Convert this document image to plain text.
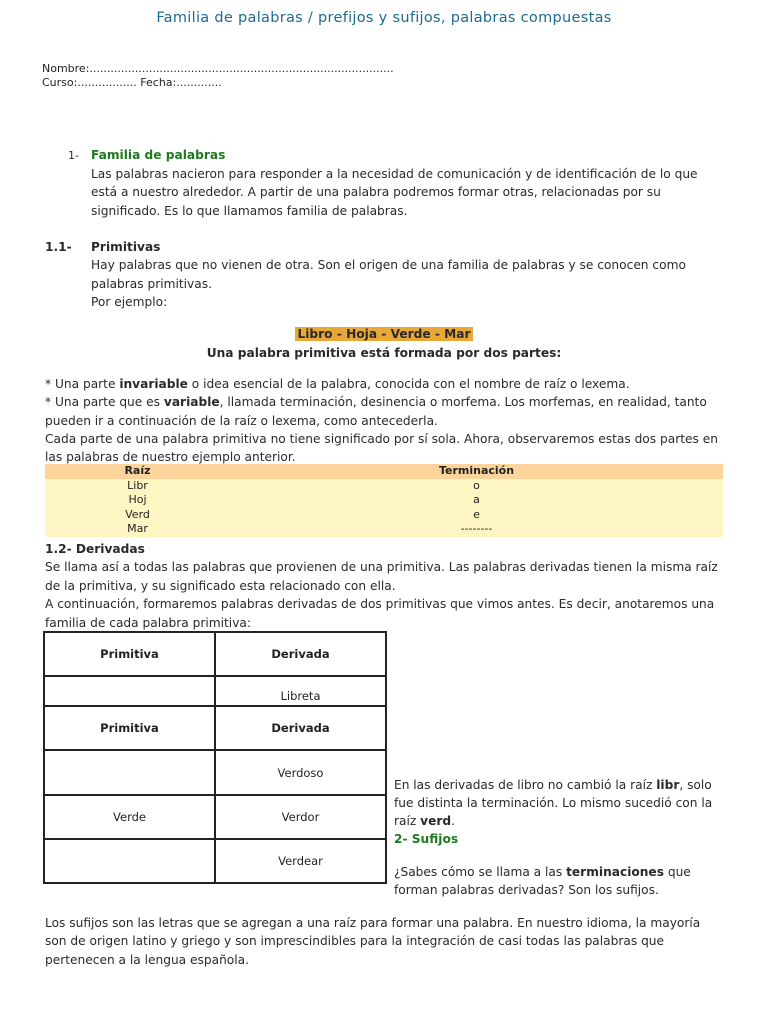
Familia de palabras / prefijos y sufijos, palabras compuestas
Nombre:.......................................................................................
Curso:................. Fecha:.............
1- Familia de palabras
Las palabras nacieron para responder a la necesidad de comunicación y de identificación de lo que
está a nuestro alrededor. A partir de una palabra podremos formar otras, relacionadas por su
significado. Es lo que llamamos familia de palabras.
1.1- Primitivas
Hay palabras que no vienen de otra. Son el origen de una familia de palabras y se conocen como
palabras primitivas.
Por ejemplo:
Libro - Hoja - Verde - Mar
Una palabra primitiva está formada por dos partes:
* Una parte invariable o idea esencial de la palabra, conocida con el nombre de raíz o lexema.
* Una parte que es variable, llamada terminación, desinencia o morfema. Los morfemas, en realidad, tanto
pueden ir a continuación de la raíz o lexema, como antecederla.
Cada parte de una palabra primitiva no tiene significado por sí sola. Ahora, observaremos estas dos partes en
las palabras de nuestro ejemplo anterior.
Raíz	Terminación
Libr	o
Hoj	a
Verd	e
Mar	--------
1.2- Derivadas
Se llama así a todas las palabras que provienen de una primitiva. Las palabras derivadas tienen la misma raíz
de la primitiva, y su significado esta relacionado con ella.
A continuación, formaremos palabras derivadas de dos primitivas que vimos antes. Es decir, anotaremos una
familia de cada palabra primitiva:
Primitiva	Derivada
	Libreta
Primitiva	Derivada
	Verdoso
Verde	Verdor
	Verdear
En las derivadas de libro no cambió la raíz libr, solo
fue distinta la terminación. Lo mismo sucedió con la
raíz verd.
2- Sufijos
¿Sabes cómo se llama a las terminaciones que
forman palabras derivadas? Son los sufijos.
Los sufijos son las letras que se agregan a una raíz para formar una palabra. En nuestro idioma, la mayoría
son de origen latino y griego y son imprescindibles para la integración de casi todas las palabras que
pertenecen a la lengua española.
